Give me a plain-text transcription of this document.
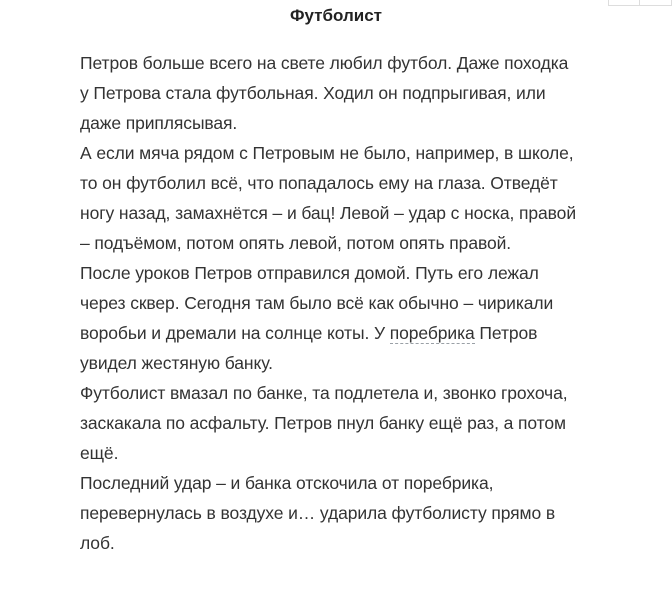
Футболист

Петров больше всего на свете любил футбол. Даже походка

у Петрова стала футбольная. Ходил он подпрыгивая, или

даже приплясывая.

А если мяча рядом с Петровым не было, например, в школе,

то он футболил всё, что попадалось ему на глаза. Отведёт

ногу назад, замахнётся – и бац! Левой – удар с носка, правой

– подъёмом, потом опять левой, потом опять правой.

После уроков Петров отправился домой. Путь его лежал

через сквер. Сегодня там было всё как обычно – чирикали

воробьи и дремали на солнце коты. У поребрика Петров

увидел жестяную банку.

Футболист вмазал по банке, та подлетела и, звонко грохоча,

заскакала по асфальту. Петров пнул банку ещё раз, а потом

ещё.

Последний удар – и банка отскочила от поребрика,

перевернулась в воздухе и… ударила футболисту прямо в

лоб.
